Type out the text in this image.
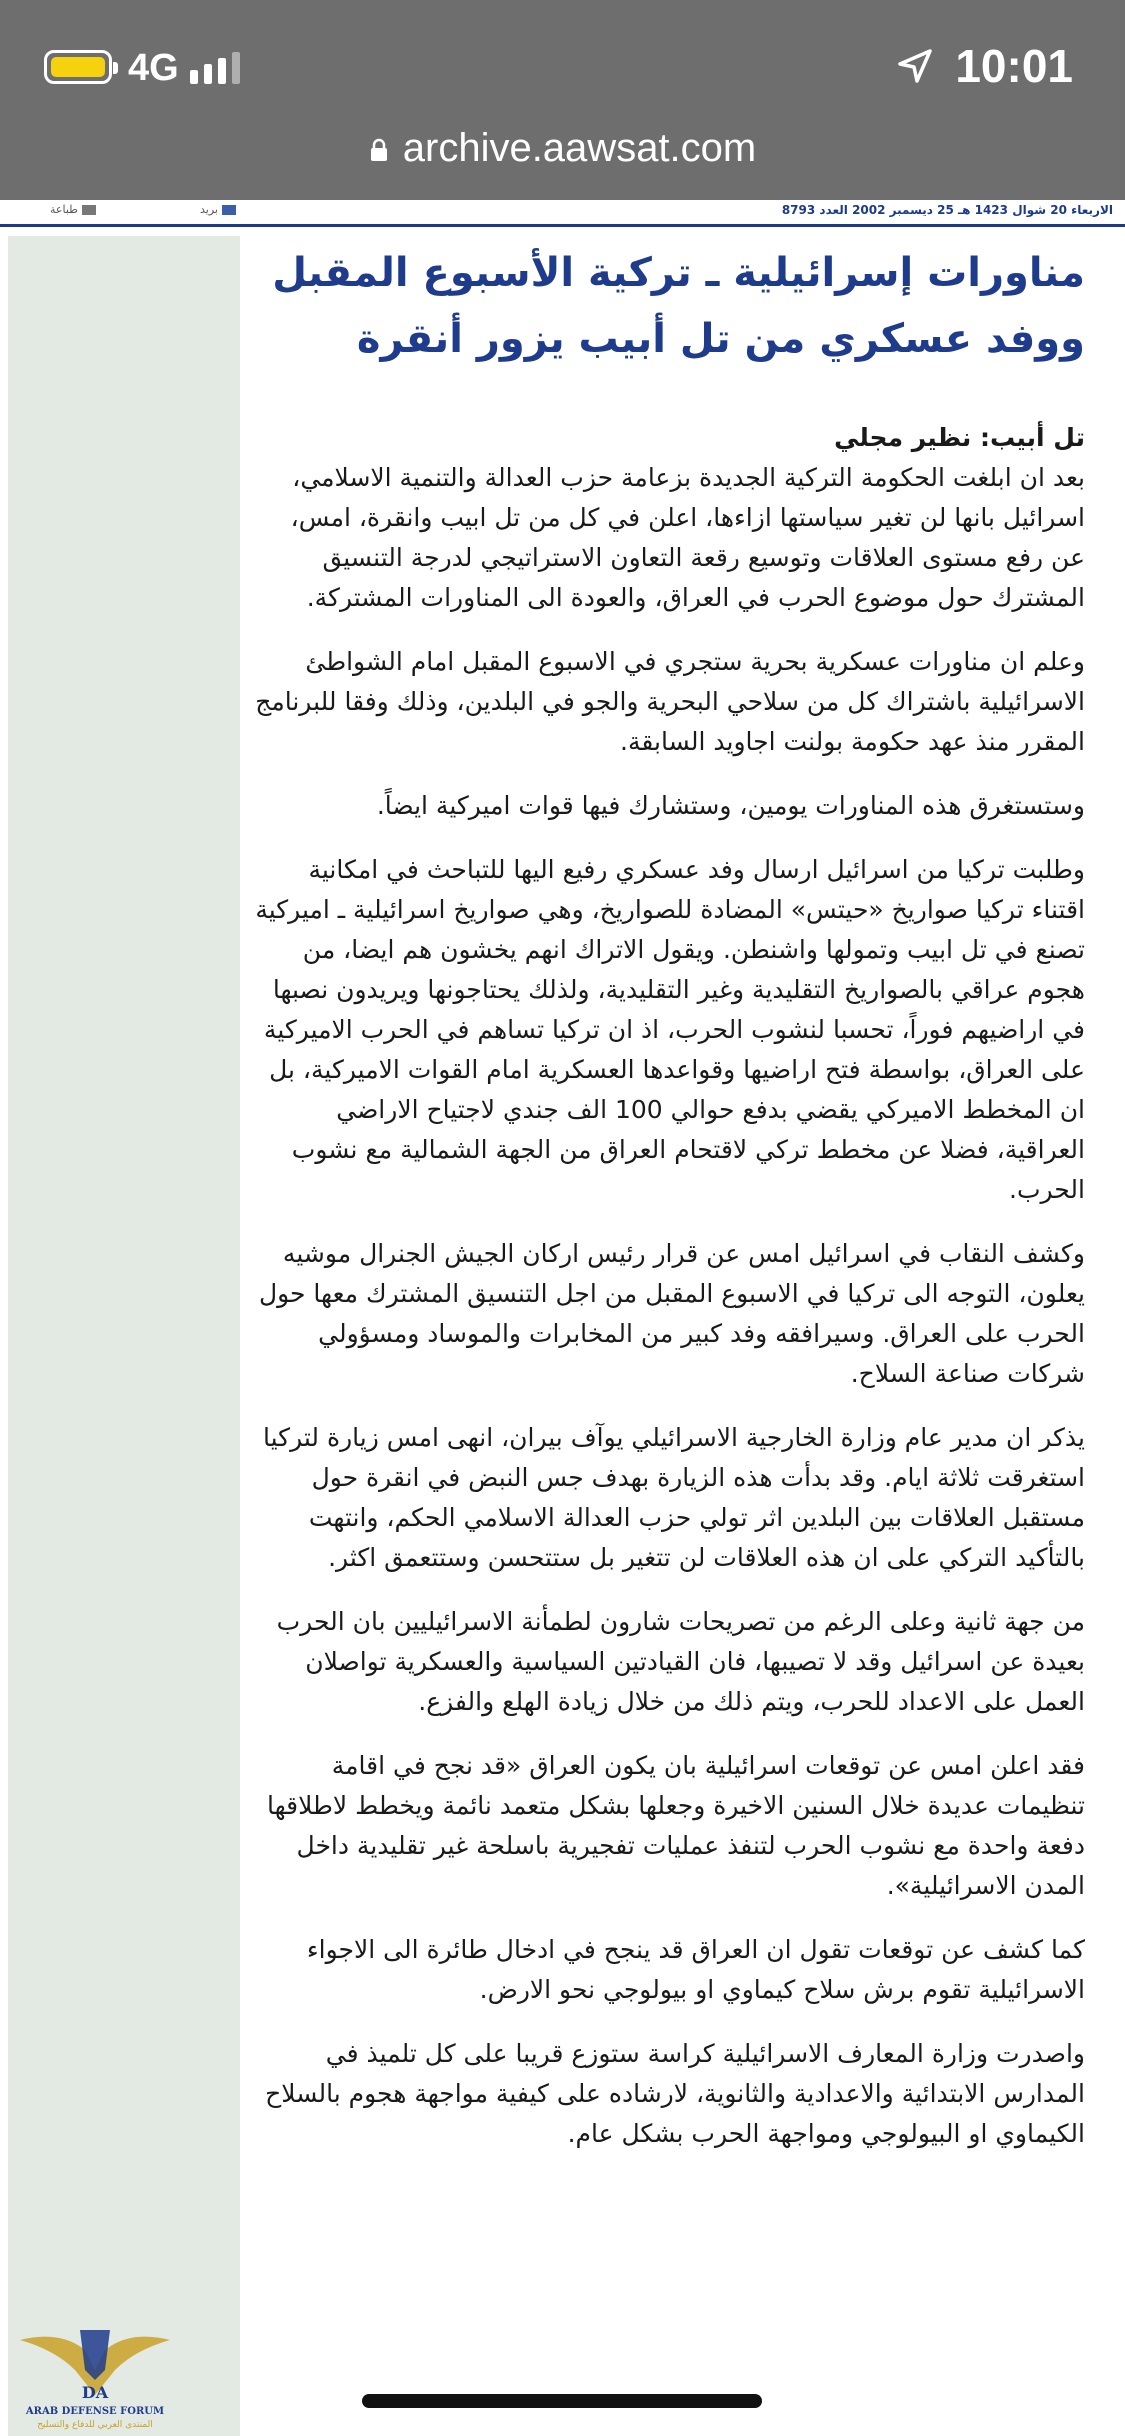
4G	10:01
archive.aawsat.com
طباعة	بريد	الاربعاء 20 شوال 1423 هـ 25 ديسمبر 2002 العدد 8793
DA
ARAB DEFENSE FORUM
المنتدى العربي للدفاع والتسليح
مناورات إسرائيلية ـ تركية الأسبوع المقبل ووفد عسكري من تل أبيب يزور أنقرة

تل أبيب: نظير مجلي

بعد ان ابلغت الحكومة التركية الجديدة بزعامة حزب العدالة والتنمية الاسلامي، اسرائيل بانها لن تغير سياستها ازاءها، اعلن في كل من تل ابيب وانقرة، امس، عن رفع مستوى العلاقات وتوسيع رقعة التعاون الاستراتيجي لدرجة التنسيق المشترك حول موضوع الحرب في العراق، والعودة الى المناورات المشتركة.

وعلم ان مناورات عسكرية بحرية ستجري في الاسبوع المقبل امام الشواطئ الاسرائيلية باشتراك كل من سلاحي البحرية والجو في البلدين، وذلك وفقا للبرنامج المقرر منذ عهد حكومة بولنت اجاويد السابقة.

وستستغرق هذه المناورات يومين، وستشارك فيها قوات اميركية ايضاً.

وطلبت تركيا من اسرائيل ارسال وفد عسكري رفيع اليها للتباحث في امكانية اقتناء تركيا صواريخ «حيتس» المضادة للصواريخ، وهي صواريخ اسرائيلية ـ اميركية تصنع في تل ابيب وتمولها واشنطن. ويقول الاتراك انهم يخشون هم ايضا، من هجوم عراقي بالصواريخ التقليدية وغير التقليدية، ولذلك يحتاجونها ويريدون نصبها في اراضيهم فوراً، تحسبا لنشوب الحرب، اذ ان تركيا تساهم في الحرب الاميركية على العراق، بواسطة فتح اراضيها وقواعدها العسكرية امام القوات الاميركية، بل ان المخطط الاميركي يقضي بدفع حوالي 100 الف جندي لاجتياح الاراضي العراقية، فضلا عن مخطط تركي لاقتحام العراق من الجهة الشمالية مع نشوب الحرب.

وكشف النقاب في اسرائيل امس عن قرار رئيس اركان الجيش الجنرال موشيه يعلون، التوجه الى تركيا في الاسبوع المقبل من اجل التنسيق المشترك معها حول الحرب على العراق. وسيرافقه وفد كبير من المخابرات والموساد ومسؤولي شركات صناعة السلاح.

يذكر ان مدير عام وزارة الخارجية الاسرائيلي يوآف بيران، انهى امس زيارة لتركيا استغرقت ثلاثة ايام. وقد بدأت هذه الزيارة بهدف جس النبض في انقرة حول مستقبل العلاقات بين البلدين اثر تولي حزب العدالة الاسلامي الحكم، وانتهت بالتأكيد التركي على ان هذه العلاقات لن تتغير بل ستتحسن وستتعمق اكثر.

من جهة ثانية وعلى الرغم من تصريحات شارون لطمأنة الاسرائيليين بان الحرب بعيدة عن اسرائيل وقد لا تصيبها، فان القيادتين السياسية والعسكرية تواصلان العمل على الاعداد للحرب، ويتم ذلك من خلال زيادة الهلع والفزع.

فقد اعلن امس عن توقعات اسرائيلية بان يكون العراق «قد نجح في اقامة تنظيمات عديدة خلال السنين الاخيرة وجعلها بشكل متعمد نائمة ويخطط لاطلاقها دفعة واحدة مع نشوب الحرب لتنفذ عمليات تفجيرية باسلحة غير تقليدية داخل المدن الاسرائيلية».

كما كشف عن توقعات تقول ان العراق قد ينجح في ادخال طائرة الى الاجواء الاسرائيلية تقوم برش سلاح كيماوي او بيولوجي نحو الارض.

واصدرت وزارة المعارف الاسرائيلية كراسة ستوزع قريبا على كل تلميذ في المدارس الابتدائية والاعدادية والثانوية، لارشاده على كيفية مواجهة هجوم بالسلاح الكيماوي او البيولوجي ومواجهة الحرب بشكل عام.
